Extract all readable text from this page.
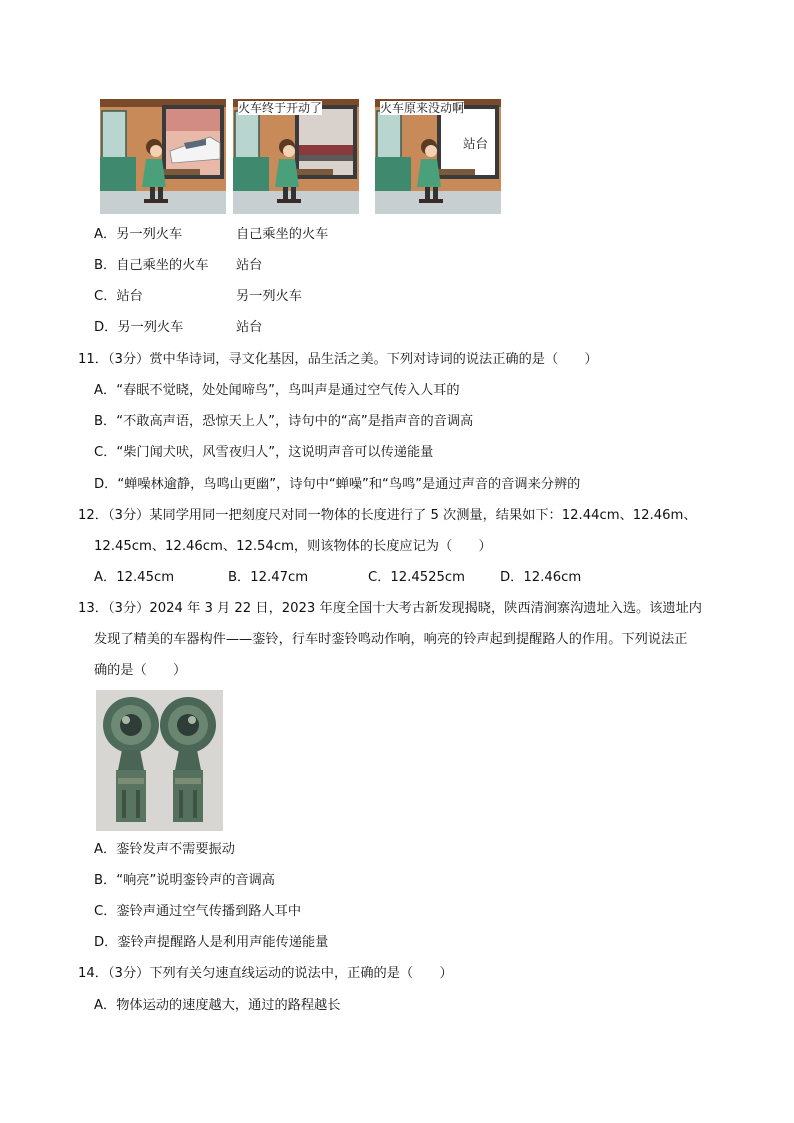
火车终于开动了	火车原来没动啊
站台
A．另一列火车	自己乘坐的火车
B．自己乘坐的火车 站台
C．站台	另一列火车
D．另一列火车	站台
11．（3分）赏中华诗词，寻文化基因，品生活之美。下列对诗词的说法正确的是（　　）
A．“春眠不觉晓，处处闻啼鸟”，鸟叫声是通过空气传入人耳的
B．“不敢高声语，恐惊天上人”，诗句中的“高”是指声音的音调高
C．“柴门闻犬吠，风雪夜归人”，这说明声音可以传递能量
D．“蝉噪林逾静，鸟鸣山更幽”，诗句中“蝉噪”和“鸟鸣”是通过声音的音调来分辨的
12．（3分）某同学用同一把刻度尺对同一物体的长度进行了 5 次测量，结果如下：12.44cm、12.46m、
12.45cm、12.46cm、12.54cm，则该物体的长度应记为（　　）
A．12.45cm	B．12.47cm	C．12.4525cm	D．12.46cm
13．（3分）2024 年 3 月 22 日，2023 年度全国十大考古新发现揭晓，陕西清涧寨沟遗址入选。该遗址内
发现了精美的车器构件——銮铃，行车时銮铃鸣动作响，响亮的铃声起到提醒路人的作用。下列说法正
确的是（　　）
A．銮铃发声不需要振动
B．“响亮”说明銮铃声的音调高
C．銮铃声通过空气传播到路人耳中
D．銮铃声提醒路人是利用声能传递能量
14．（3分）下列有关匀速直线运动的说法中，正确的是（　　）
A．物体运动的速度越大，通过的路程越长
